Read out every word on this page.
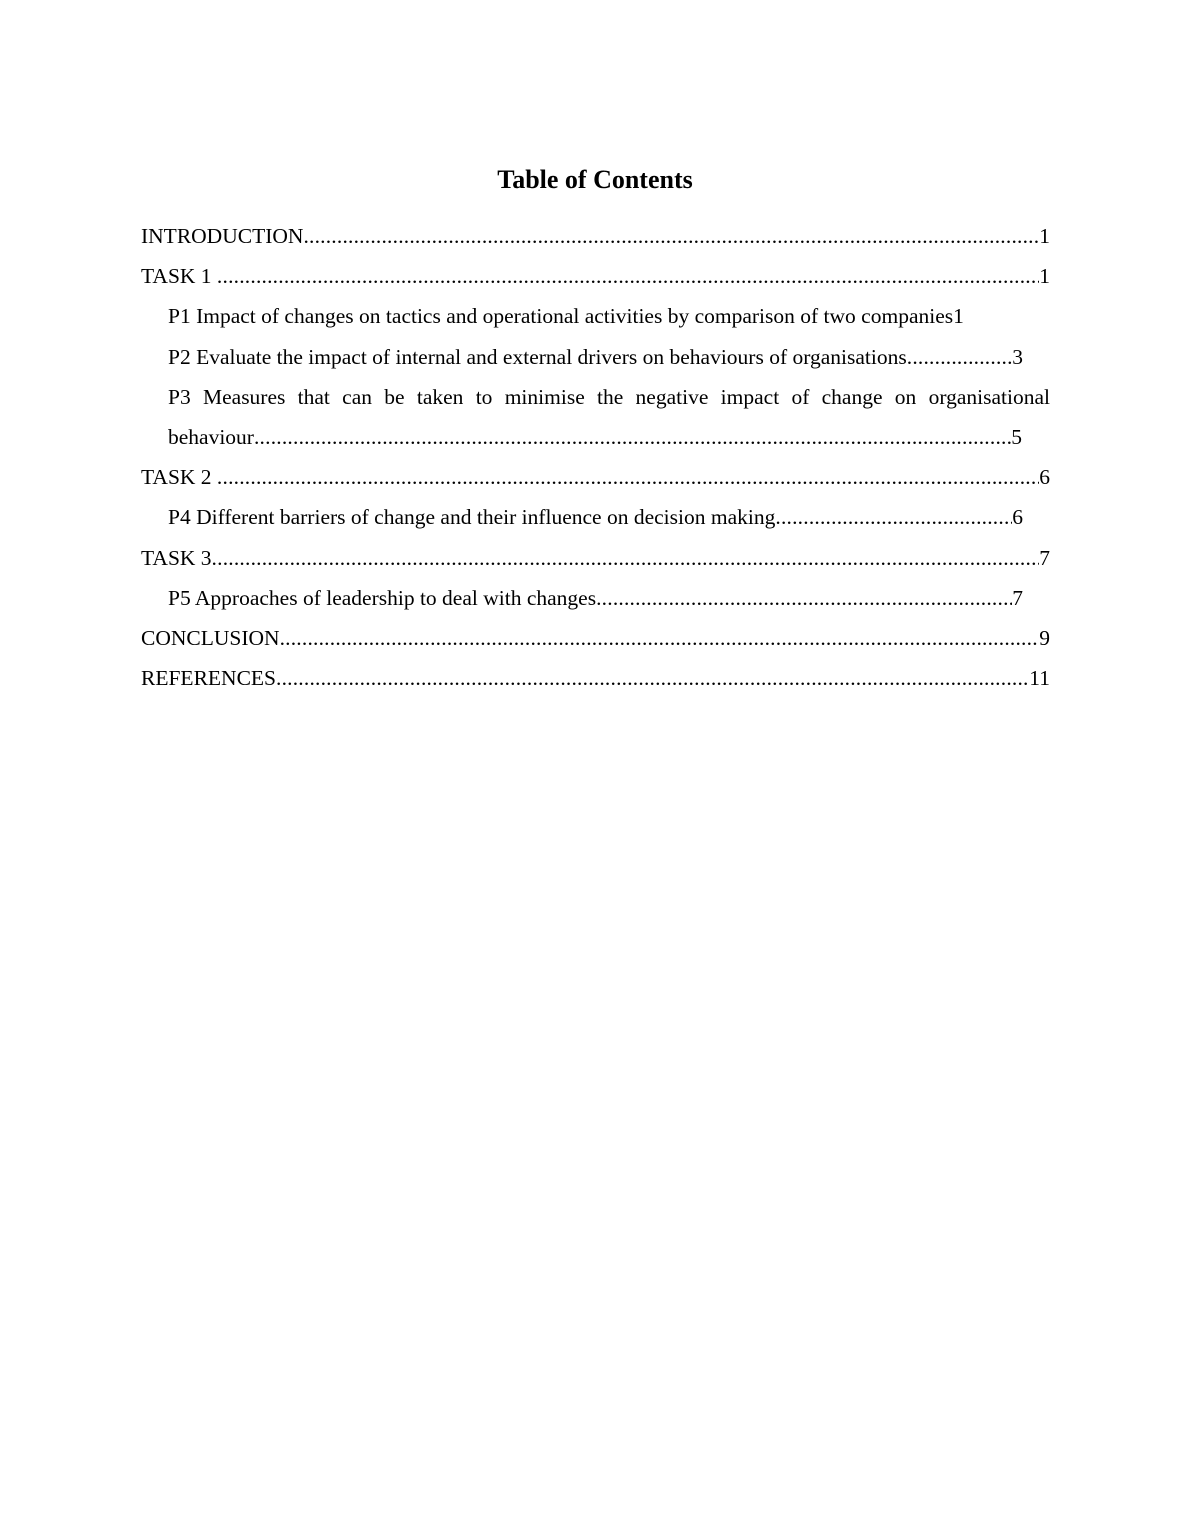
Table of Contents
INTRODUCTION .....	1
TASK 1 .....	1
P1 Impact of changes on tactics and operational activities by comparison of two companies 1
P2 Evaluate the impact of internal and external drivers on behaviours of organisations .....	3
P3 Measures that can be taken to minimise the negative impact of change on organisational
behaviour .....	5
TASK 2 .....	6
P4 Different barriers of change and their influence on decision making .....	6
TASK 3 .....	7
P5 Approaches of leadership to deal with changes .....	7
CONCLUSION .....	9
REFERENCES .....	11
